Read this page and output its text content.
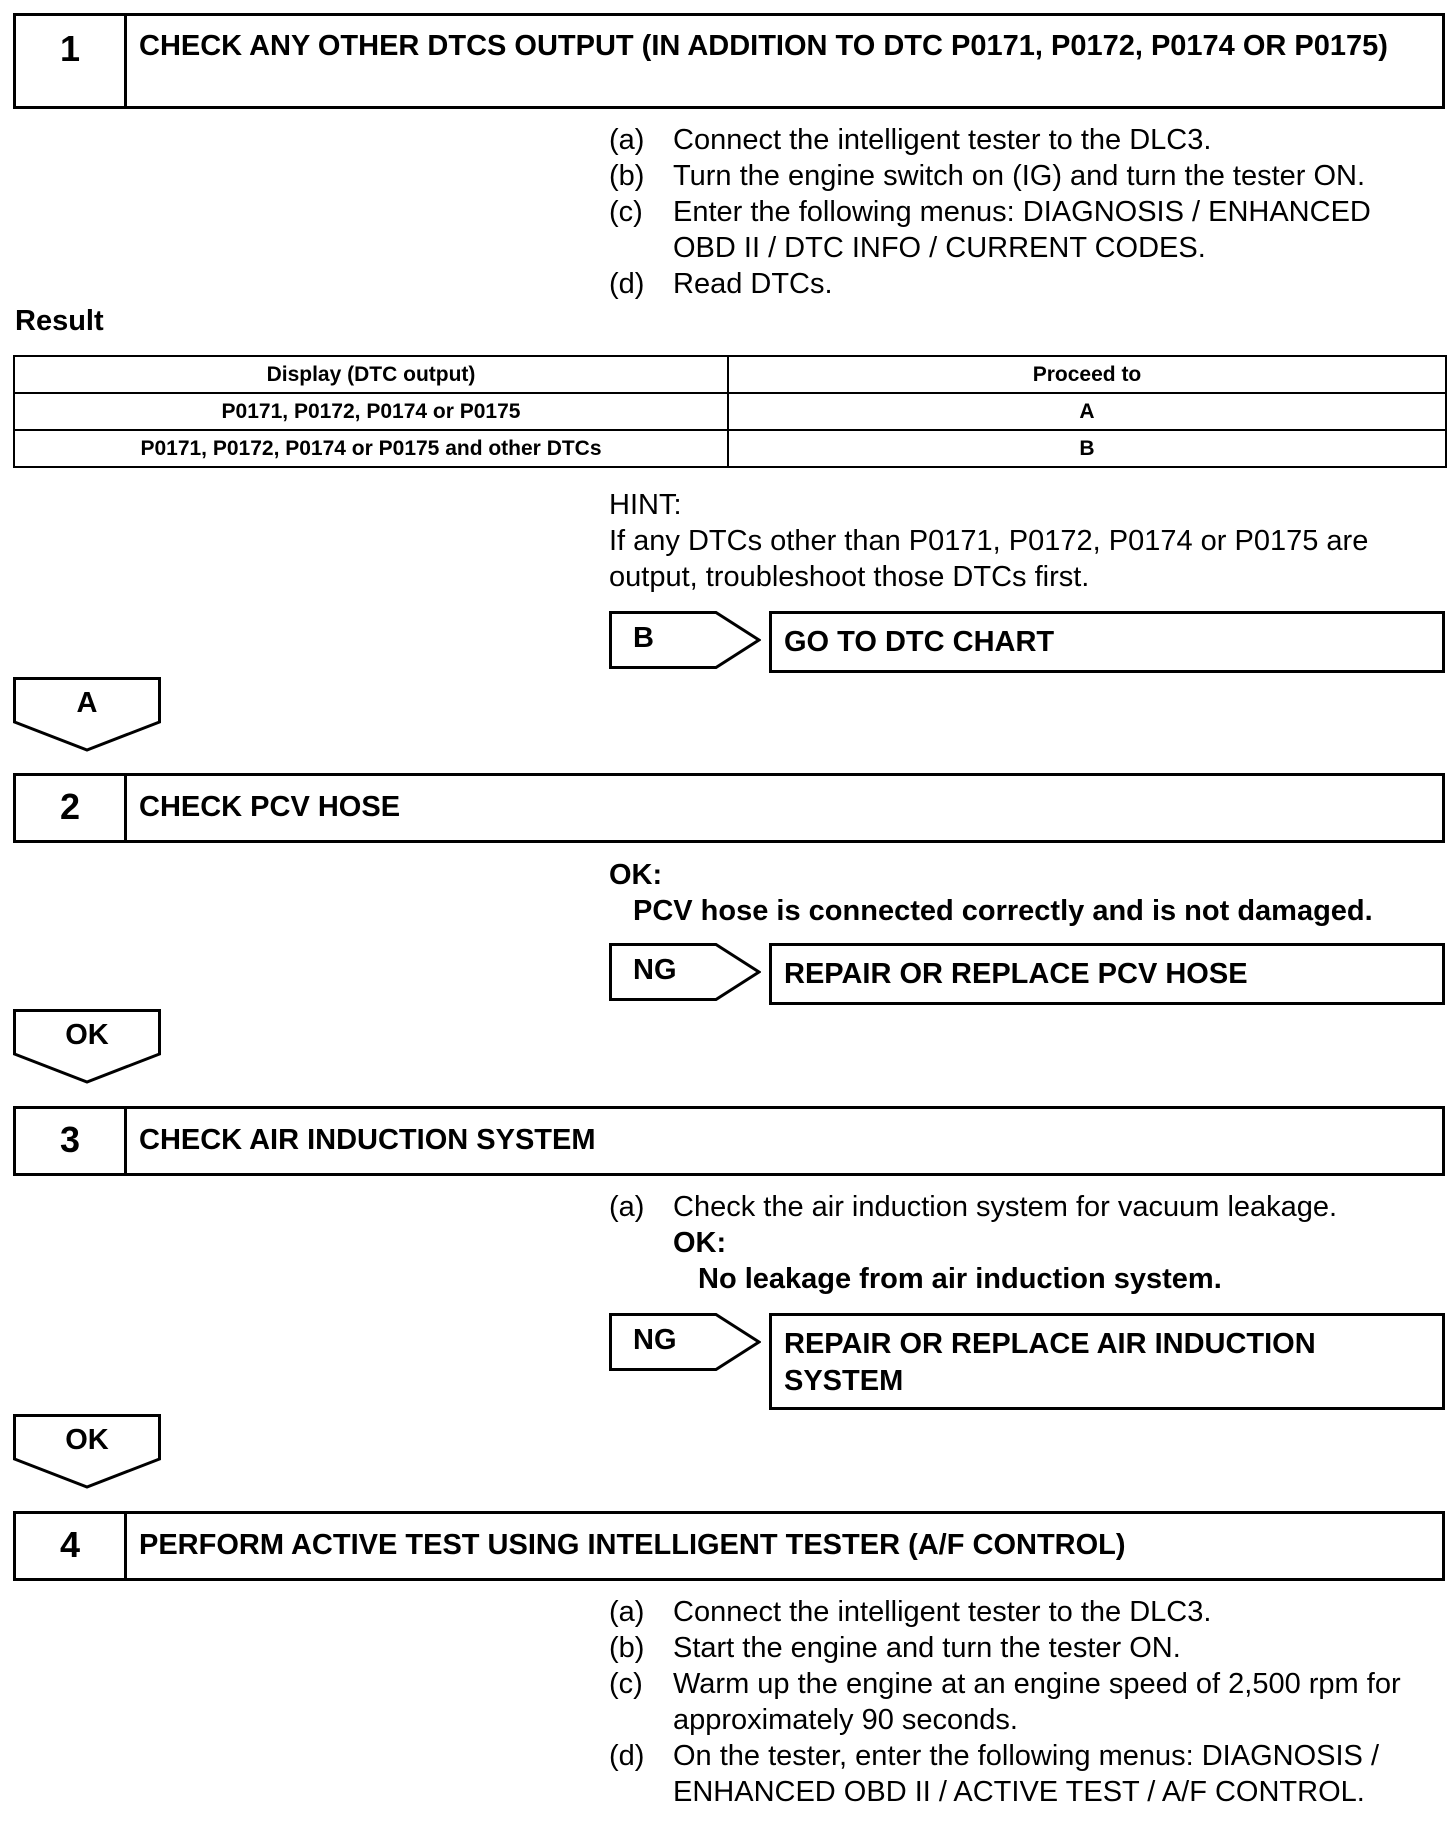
1	CHECK ANY OTHER DTCS OUTPUT (IN ADDITION TO DTC P0171, P0172, P0174 OR P0175)
(a) Connect the intelligent tester to the DLC3.
(b) Turn the engine switch on (IG) and turn the tester ON.
(c)	Enter the following menus: DIAGNOSIS / ENHANCED OBD II / DTC INFO / CURRENT CODES.
(d) Read DTCs.
Result
Display (DTC output)	Proceed to
P0171, P0172, P0174 or P0175	A
P0171, P0172, P0174 or P0175 and other DTCs	B
HINT:
If any DTCs other than P0171, P0172, P0174 or P0175 are output, troubleshoot those DTCs first.
B	GO TO DTC CHART
A
2	CHECK PCV HOSE
OK:
PCV hose is connected correctly and is not damaged.
NG	REPAIR OR REPLACE PCV HOSE
OK
3	CHECK AIR INDUCTION SYSTEM
(a) Check the air induction system for vacuum leakage.
OK:
No leakage from air induction system.
NG	REPAIR OR REPLACE AIR INDUCTION SYSTEM
OK
4	PERFORM ACTIVE TEST USING INTELLIGENT TESTER (A/F CONTROL)
(a) Connect the intelligent tester to the DLC3.
(b) Start the engine and turn the tester ON.
(c)	Warm up the engine at an engine speed of 2,500 rpm for approximately 90 seconds.
(d) On the tester, enter the following menus: DIAGNOSIS / ENHANCED OBD II / ACTIVE TEST / A/F CONTROL.
